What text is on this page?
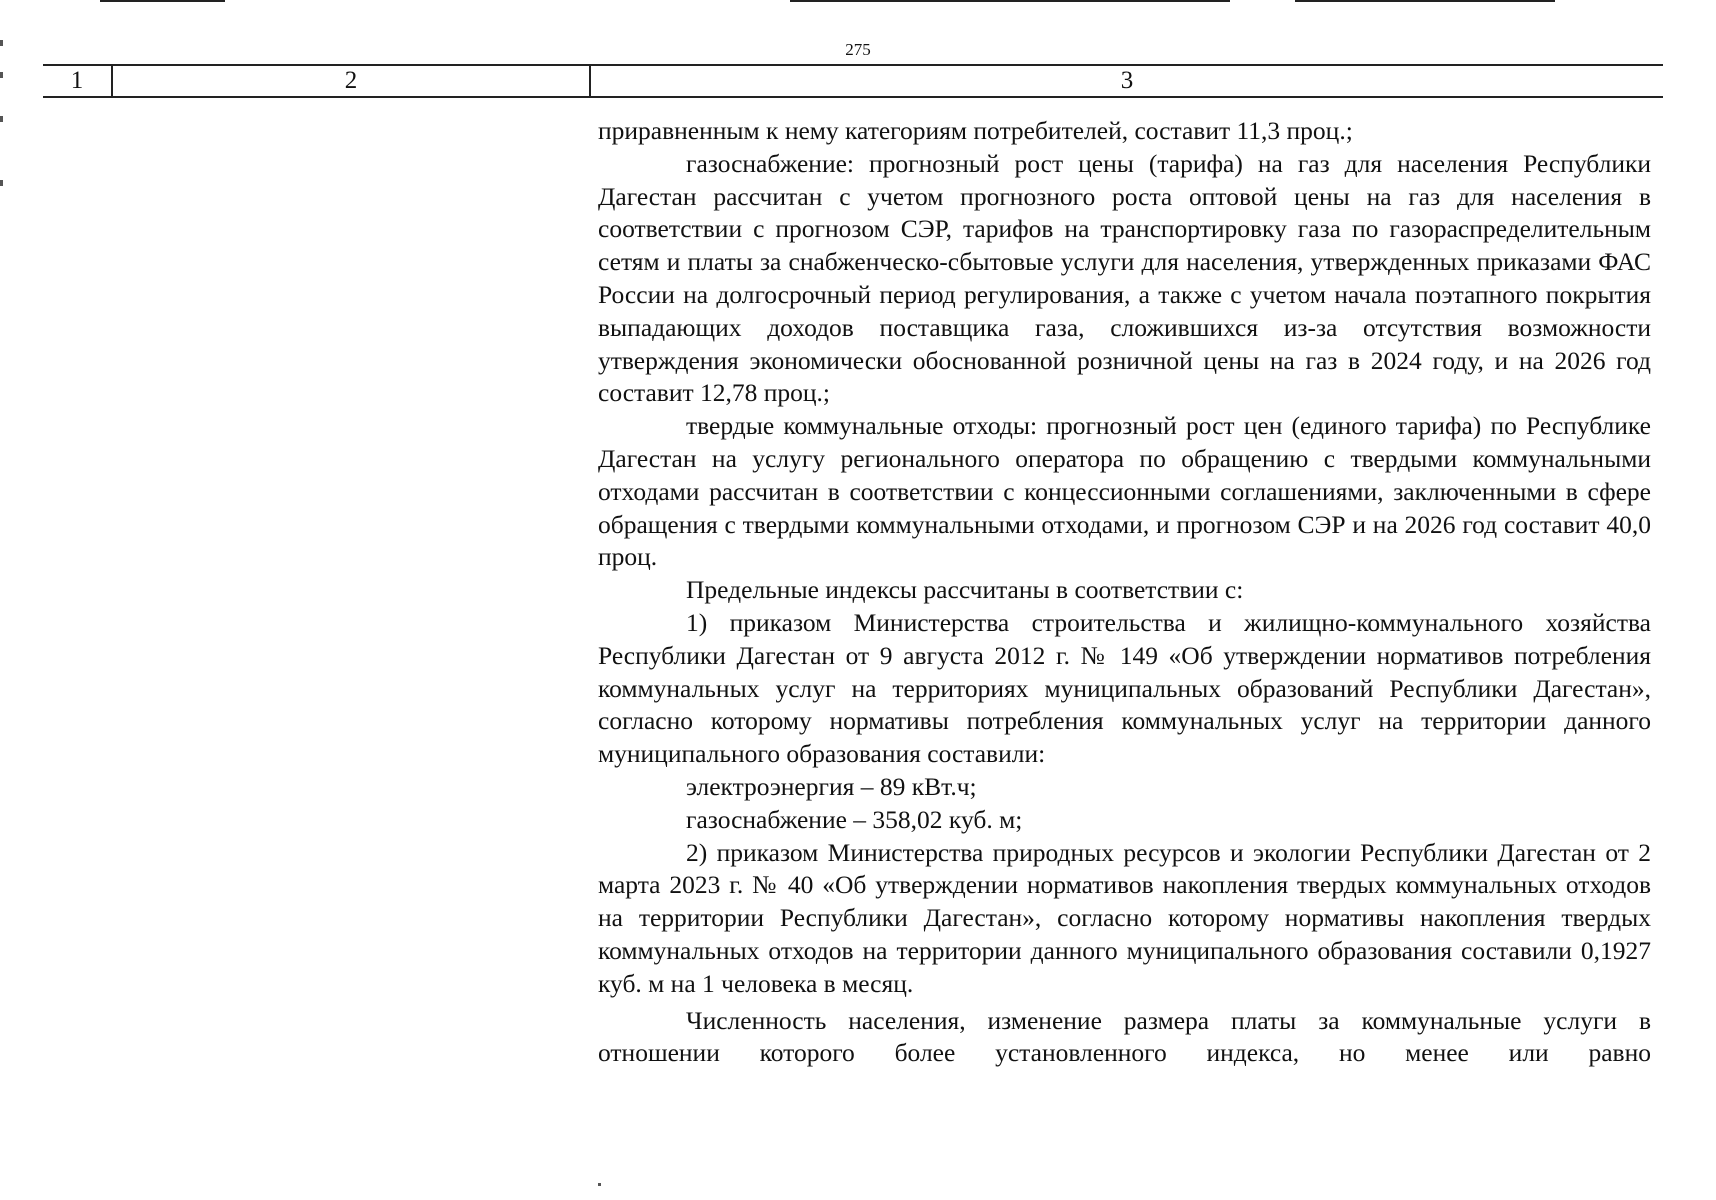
275
1	2	3

приравненным к нему категориям потребителей, составит 11,3 проц.;

газоснабжение: прогнозный рост цены (тарифа) на газ для населения Республики Дагестан рассчитан с учетом прогнозного роста оптовой цены на газ для населения в соответствии с прогнозом СЭР, тарифов на транспортировку газа по газораспределительным сетям и платы за снабженческо-сбытовые услуги для населения, утвержденных приказами ФАС России на долгосрочный период регулирования, а также с учетом начала поэтапного покрытия выпадающих доходов поставщика газа, сложившихся из-за отсутствия возможности утверждения экономически обоснованной розничной цены на газ в 2024 году, и на 2026 год составит 12,78 проц.;

твердые коммунальные отходы: прогнозный рост цен (единого тарифа) по Республике Дагестан на услугу регионального оператора по обращению с твердыми коммунальными отходами рассчитан в соответствии с концессионными соглашениями, заключенными в сфере обращения с твердыми коммунальными отходами, и прогнозом СЭР и на 2026 год составит 40,0 проц.

Предельные индексы рассчитаны в соответствии с:

1) приказом Министерства строительства и жилищно-коммунального хозяйства Республики Дагестан от 9 августа 2012 г. № 149 «Об утверждении нормативов потребления коммунальных услуг на территориях муниципальных образований Республики Дагестан», согласно которому нормативы потребления коммунальных услуг на территории данного муниципального образования составили:

электроэнергия – 89 кВт.ч;

газоснабжение – 358,02 куб. м;

2) приказом Министерства природных ресурсов и экологии Республики Дагестан от 2 марта 2023 г. № 40 «Об утверждении нормативов накопления твердых коммунальных отходов на территории Республики Дагестан», согласно которому нормативы накопления твердых коммунальных отходов на территории данного муниципального образования составили 0,1927 куб. м на 1 человека в месяц.

Численность населения, изменение размера платы за коммунальные услуги в отношении которого более установленного индекса, но менее или равно
